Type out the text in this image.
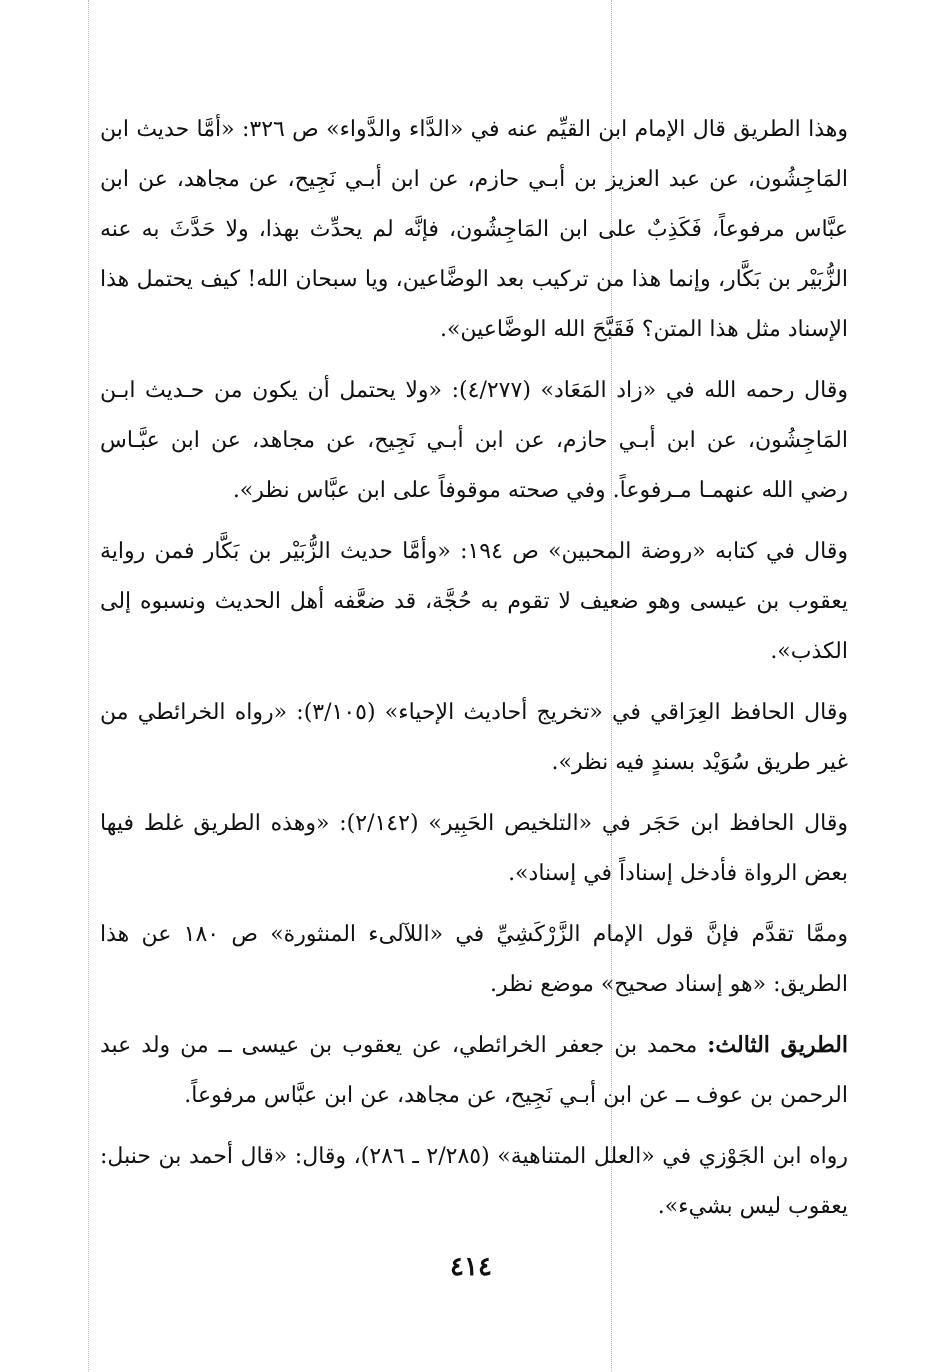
وهذا الطريق قال الإمام ابن القيِّم عنه في «الدَّاء والدَّواء» ص ٣٢٦: «أمَّا حديث ابن المَاجِشُون، عن عبد العزيز بن أبـي حازم، عن ابن أبـي نَجِيح، عن مجاهد، عن ابن عبَّاس مرفوعاً، فَكَذِبٌ على ابن المَاجِشُون، فإنَّه لم يحدِّث بهذا، ولا حَدَّثَ به عنه الزُّبَيْر بن بَكَّار، وإنما هذا من تركيب بعد الوضَّاعين، ويا سبحان الله! كيف يحتمل هذا الإسناد مثل هذا المتن؟ فَقَبَّحَ الله الوضَّاعين».

وقال رحمه الله في «زاد المَعَاد» (٤/٢٧٧): «ولا يحتمل أن يكون من حـديث ابـن المَاجِشُون، عن ابن أبـي حازم، عن ابن أبـي نَجِيح، عن مجاهد، عن ابن عبَّـاس رضي الله عنهمـا مـرفوعاً. وفي صحته موقوفاً على ابن عبَّاس نظر».

وقال في كتابه «روضة المحبين» ص ١٩٤: «وأمَّا حديث الزُّبَيْر بن بَكَّار فمن رواية يعقوب بن عيسى وهو ضعيف لا تقوم به حُجَّة، قد ضعَّفه أهل الحديث ونسبوه إلى الكذب».

وقال الحافظ العِرَاقي في «تخريج أحاديث الإحياء» (٣/١٠٥): «رواه الخرائطي من غير طريق سُوَيْد بسندٍ فيه نظر».

وقال الحافظ ابن حَجَر في «التلخيص الحَبِير» (٢/١٤٢): «وهذه الطريق غلط فيها بعض الرواة فأدخل إسناداً في إسناد».

وممَّا تقدَّم فإنَّ قول الإمام الزَّرْكَشِيِّ في «اللآلىء المنثورة» ص ١٨٠ عن هذا الطريق: «هو إسناد صحيح» موضع نظر.

الطريق الثالث: محمد بن جعفر الخرائطي، عن يعقوب بن عيسى ــ من ولد عبد الرحمن بن عوف ــ عن ابن أبـي نَجِيح، عن مجاهد، عن ابن عبَّاس مرفوعاً.

رواه ابن الجَوْزي في «العلل المتناهية» (٢/٢٨٥ ـ ٢٨٦)، وقال: «قال أحمد بن حنبل: يعقوب ليس بشيء».

٤١٤
